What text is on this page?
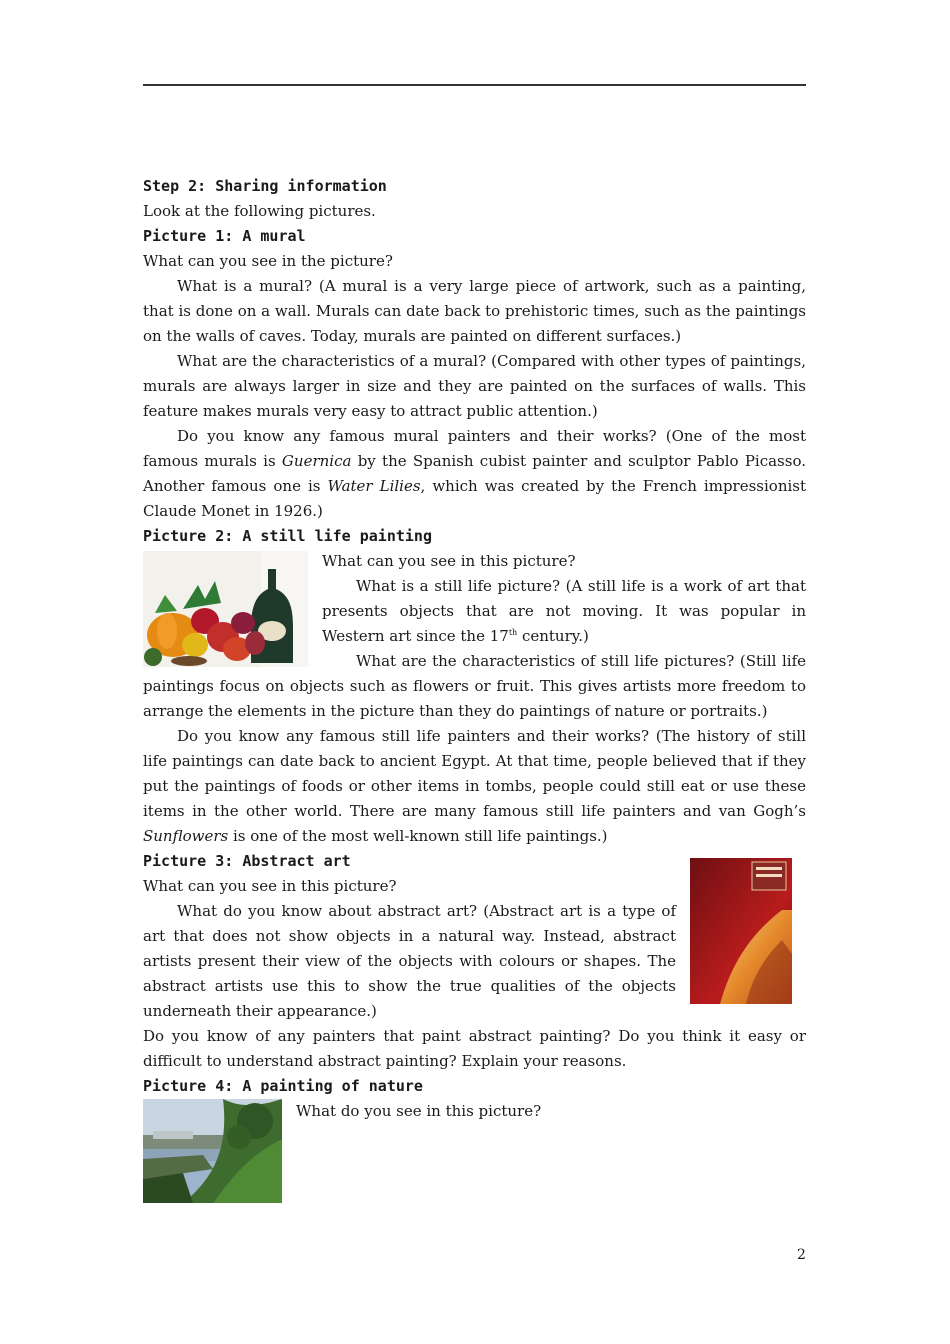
Step 2: Sharing information

Look at the following pictures.

Picture 1: A mural

What can you see in the picture?

What is a mural? (A mural is a very large piece of artwork, such as a painting, that is done on a wall. Murals can date back to prehistoric times, such as the paintings on the walls of caves. Today, murals are painted on different surfaces.)

What are the characteristics of a mural? (Compared with other types of paintings, murals are always larger in size and they are painted on the surfaces of walls. This feature makes murals very easy to attract public attention.)

Do you know any famous mural painters and their works? (One of the most famous murals is Guernica by the Spanish cubist painter and sculptor Pablo Picasso. Another famous one is Water Lilies, which was created by the French impressionist Claude Monet in 1926.)

Picture 2: A still life painting

What can you see in this picture?

What is a still life picture? (A still life is a work of art that presents objects that are not moving. It was popular in Western art since the 17th century.)

What are the characteristics of still life pictures? (Still life paintings focus on objects such as flowers or fruit. This gives artists more freedom to arrange the elements in the picture than they do paintings of nature or portraits.)

Do you know any famous still life painters and their works? (The history of still life paintings can date back to ancient Egypt. At that time, people believed that if they put the paintings of foods or other items in tombs, people could still eat or use these items in the other world. There are many famous still life painters and van Gogh’s Sunflowers is one of the most well-known still life paintings.)

Picture 3: Abstract art

What can you see in this picture?

What do you know about abstract art? (Abstract art is a type of art that does not show objects in a natural way. Instead, abstract artists present their view of the objects with colours or shapes. The abstract artists use this to show the true qualities of the objects underneath their appearance.)

Do you know of any painters that paint abstract painting? Do you think it easy or difficult to understand abstract painting? Explain your reasons.

Picture 4: A painting of nature

What do you see in this picture?

2
